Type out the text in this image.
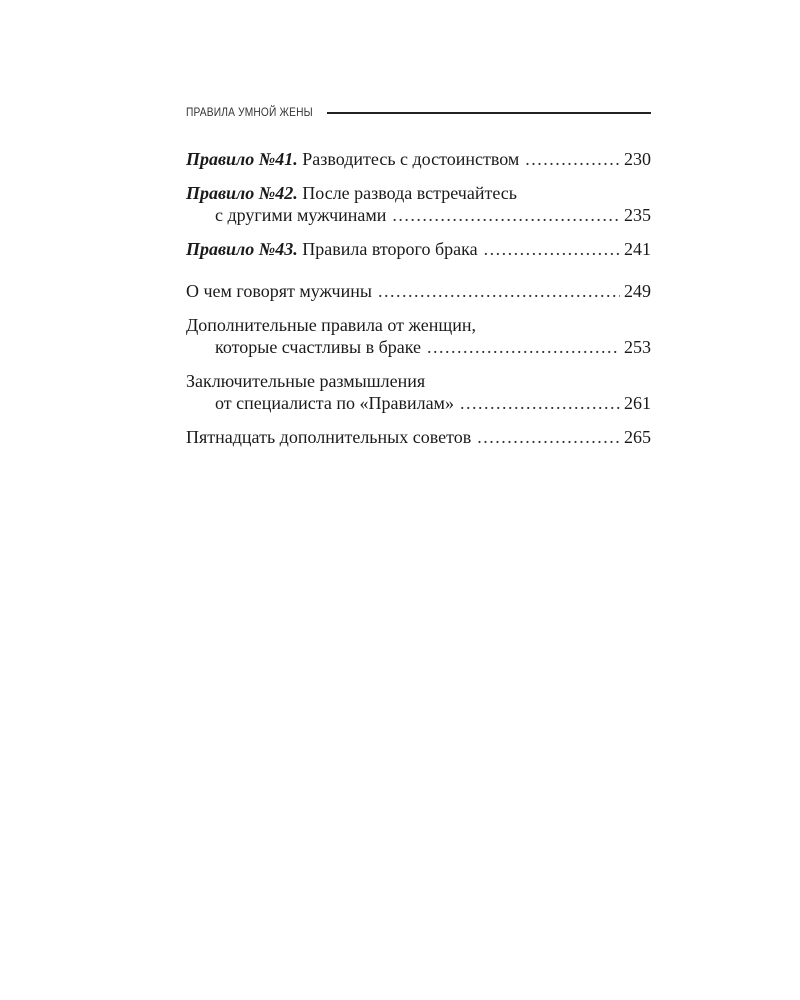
ПРАВИЛА УМНОЙ ЖЕНЫ
Правило №41. Разводитесь с достоинством . . .	230
Правило №42. После развода встречайтесь
с другими мужчинами . . .	235
Правило №43. Правила второго брака . . .	241
О чем говорят мужчины . . .	249
Дополнительные правила от женщин,
которые счастливы в браке . . .	253
Заключительные размышления
от специалиста по «Правилам» . . .	261
Пятнадцать дополнительных советов . . .	265
